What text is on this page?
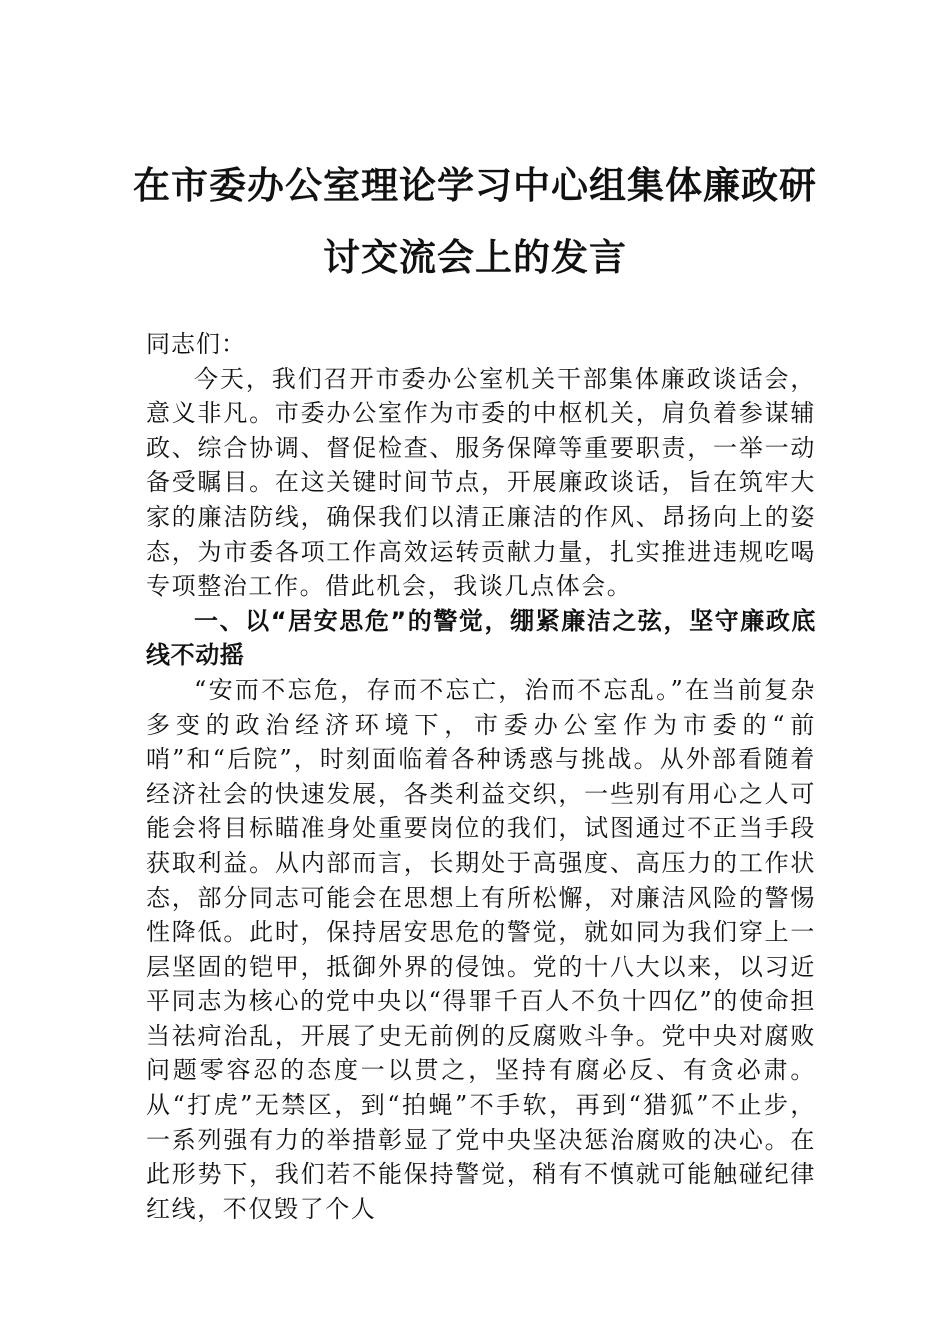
在市委办公室理论学习中心组集体廉政研
讨交流会上的发言

同志们：

今天，我们召开市委办公室机关干部集体廉政谈话会，意义非凡。市委办公室作为市委的中枢机关，肩负着参谋辅政、综合协调、督促检查、服务保障等重要职责，一举一动备受瞩目。在这关键时间节点，开展廉政谈话，旨在筑牢大家的廉洁防线，确保我们以清正廉洁的作风、昂扬向上的姿态，为市委各项工作高效运转贡献力量，扎实推进违规吃喝专项整治工作。借此机会，我谈几点体会。

一、以“居安思危”的警觉，绷紧廉洁之弦，坚守廉政底线不动摇

“安而不忘危，存而不忘亡，治而不忘乱。”在当前复杂多变的政治经济环境下，市委办公室作为市委的“前哨”和“后院”，时刻面临着各种诱惑与挑战。从外部看随着经济社会的快速发展，各类利益交织，一些别有用心之人可能会将目标瞄准身处重要岗位的我们，试图通过不正当手段获取利益。从内部而言，长期处于高强度、高压力的工作状态，部分同志可能会在思想上有所松懈，对廉洁风险的警惕性降低。此时，保持居安思危的警觉，就如同为我们穿上一层坚固的铠甲，抵御外界的侵蚀。党的十八大以来，以习近平同志为核心的党中央以“得罪千百人不负十四亿”的使命担当祛疴治乱，开展了史无前例的反腐败斗争。党中央对腐败问题零容忍的态度一以贯之，坚持有腐必反、有贪必肃。从“打虎”无禁区，到“拍蝇”不手软，再到“猎狐”不止步，一系列强有力的举措彰显了党中央坚决惩治腐败的决心。在此形势下，我们若不能保持警觉，稍有不慎就可能触碰纪律红线，不仅毁了个人
